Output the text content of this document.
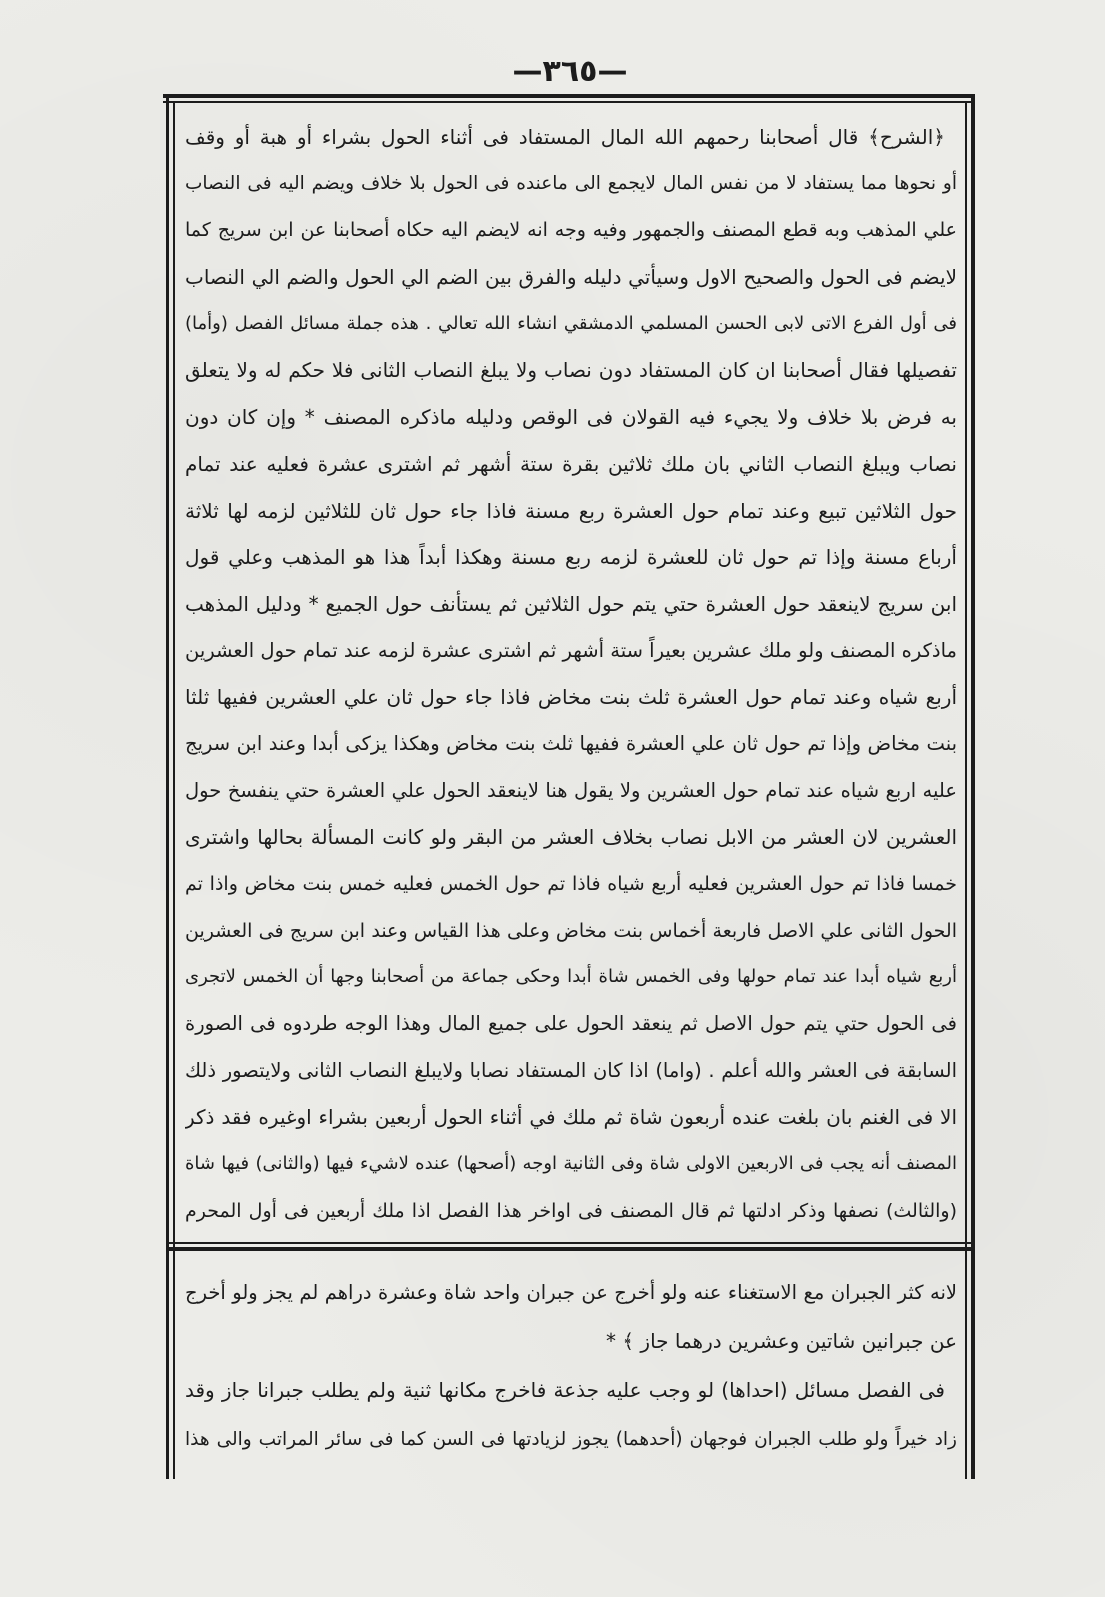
—٣٦٥—
﴿الشرح﴾ قال أصحابنا رحمهم الله المال المستفاد فى أثناء الحول بشراء أو هبة أو وقف
أو نحوها مما يستفاد لا من نفس المال لايجمع الى ماعنده فى الحول بلا خلاف ويضم اليه فى النصاب
علي المذهب وبه قطع المصنف والجمهور وفيه وجه انه لايضم اليه حكاه أصحابنا عن ابن سريج كما
لايضم فى الحول والصحيح الاول وسيأتي دليله والفرق بين الضم الي الحول والضم الي النصاب
فى أول الفرع الاتى لابى الحسن المسلمي الدمشقي انشاء الله تعالي . هذه جملة مسائل الفصل (وأما)
تفصيلها فقال أصحابنا ان كان المستفاد دون نصاب ولا يبلغ النصاب الثانى فلا حكم له ولا يتعلق
به فرض بلا خلاف ولا يجيء فيه القولان فى الوقص ودليله ماذكره المصنف * وإن كان دون
نصاب ويبلغ النصاب الثاني بان ملك ثلاثين بقرة ستة أشهر ثم اشترى عشرة فعليه عند تمام
حول الثلاثين تبيع وعند تمام حول العشرة ربع مسنة فاذا جاء حول ثان للثلاثين لزمه لها ثلاثة
أرباع مسنة وإذا تم حول ثان للعشرة لزمه ربع مسنة وهكذا أبداً هذا هو المذهب وعلي قول
ابن سريج لاينعقد حول العشرة حتي يتم حول الثلاثين ثم يستأنف حول الجميع * ودليل المذهب
ماذكره المصنف ولو ملك عشرين بعيراً ستة أشهر ثم اشترى عشرة لزمه عند تمام حول العشرين
أربع شياه وعند تمام حول العشرة ثلث بنت مخاض فاذا جاء حول ثان علي العشرين ففيها ثلثا
بنت مخاض وإذا تم حول ثان علي العشرة ففيها ثلث بنت مخاض وهكذا يزكى أبدا وعند ابن سريج
عليه اربع شياه عند تمام حول العشرين ولا يقول هنا لاينعقد الحول علي العشرة حتي ينفسخ حول
العشرين لان العشر من الابل نصاب بخلاف العشر من البقر ولو كانت المسألة بحالها واشترى
خمسا فاذا تم حول العشرين فعليه أربع شياه فاذا تم حول الخمس فعليه خمس بنت مخاض واذا تم
الحول الثانى علي الاصل فاربعة أخماس بنت مخاض وعلى هذا القياس وعند ابن سريج فى العشرين
أربع شياه أبدا عند تمام حولها وفى الخمس شاة أبدا وحكى جماعة من أصحابنا وجها أن الخمس لاتجرى
فى الحول حتي يتم حول الاصل ثم ينعقد الحول على جميع المال وهذا الوجه طردوه فى الصورة
السابقة فى العشر والله أعلم . (واما) اذا كان المستفاد نصابا ولايبلغ النصاب الثانى ولايتصور ذلك
الا فى الغنم بان بلغت عنده أربعون شاة ثم ملك في أثناء الحول أربعين بشراء اوغيره فقد ذكر
المصنف أنه يجب فى الاربعين الاولى شاة وفى الثانية اوجه (أصحها) عنده لاشيء فيها (والثانى) فيها شاة
(والثالث) نصفها وذكر ادلتها ثم قال المصنف فى اواخر هذا الفصل اذا ملك أربعين فى أول المحرم
لانه كثر الجبران مع الاستغناء عنه ولو أخرج عن جبران واحد شاة وعشرة دراهم لم يجز ولو أخرج
عن جبرانين شاتين وعشرين درهما جاز ﴾ *
فى الفصل مسائل (احداها) لو وجب عليه جذعة فاخرج مكانها ثنية ولم يطلب جبرانا جاز وقد
زاد خيراً ولو طلب الجبران فوجهان (أحدهما) يجوز لزيادتها فى السن كما فى سائر المراتب والى هذا
